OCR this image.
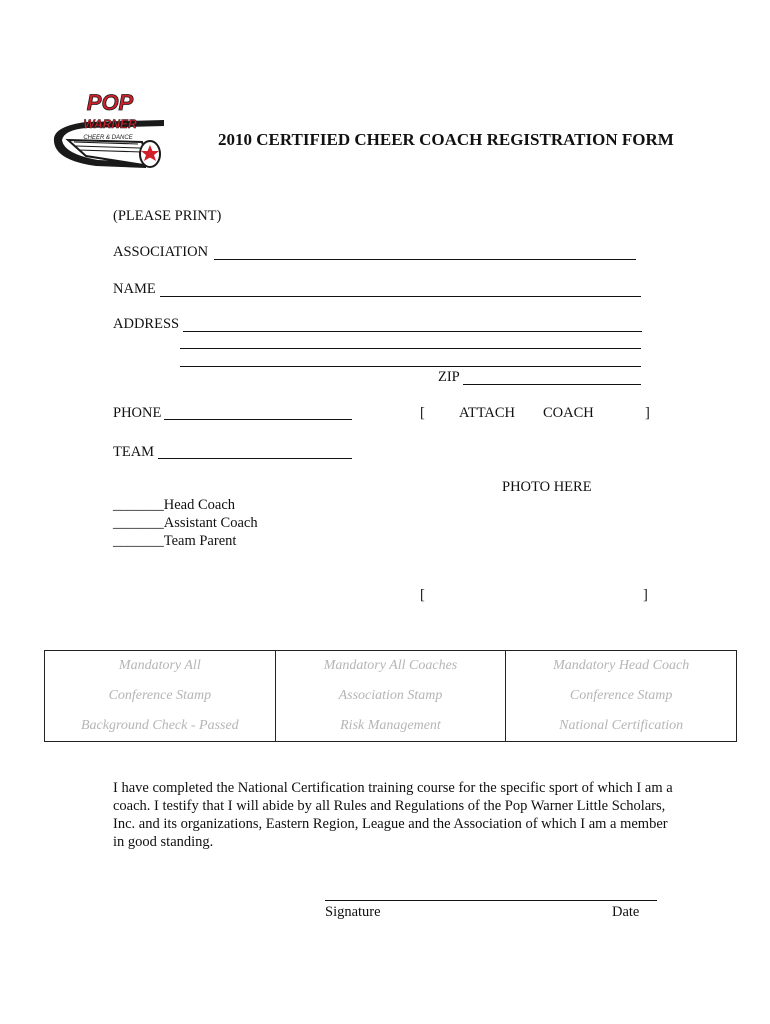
POP
WARNER
CHEER & DANCE	2010 CERTIFIED CHEER COACH REGISTRATION FORM
(PLEASE PRINT)
ASSOCIATION
NAME
ADDRESS
ZIP
PHONE	[ ATTACH COACH	]
PHOTO HERE
[	]
TEAM
_______Head Coach
_______Assistant Coach
_______Team Parent
Mandatory All	Mandatory All Coaches	Mandatory Head Coach
Conference Stamp	Association Stamp	Conference Stamp
Background Check - Passed	Risk Management	National Certification
I have completed the National Certification training course for the specific sport of which I am a coach. I testify that I will abide by all Rules and Regulations of the Pop Warner Little Scholars, Inc. and its organizations, Eastern Region, League and the Association of which I am a member in good standing.
Signature	Date
